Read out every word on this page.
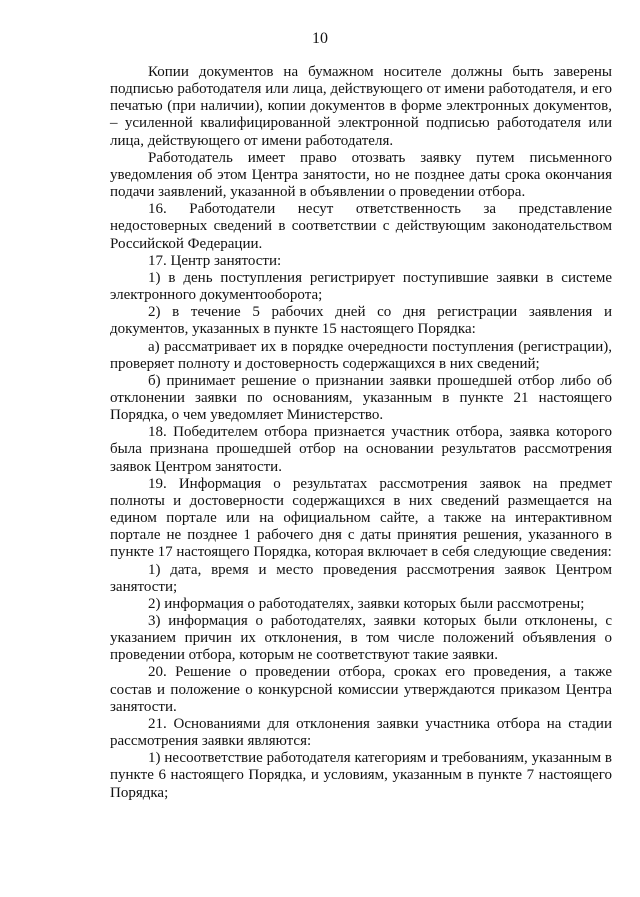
10

Копии документов на бумажном носителе должны быть заверены подписью работодателя или лица, действующего от имени работодателя, и его печатью (при наличии), копии документов в форме электронных документов, – усиленной квалифицированной электронной подписью работодателя или лица, действующего от имени работодателя.

Работодатель имеет право отозвать заявку путем письменного уведомления об этом Центра занятости, но не позднее даты срока окончания подачи заявлений, указанной в объявлении о проведении отбора.

16. Работодатели несут ответственность за представление недостоверных сведений в соответствии с действующим законодательством Российской Федерации.

17. Центр занятости:

1) в день поступления регистрирует поступившие заявки в системе электронного документооборота;

2) в течение 5 рабочих дней со дня регистрации заявления и документов, указанных в пункте 15 настоящего Порядка:

а) рассматривает их в порядке очередности поступления (регистрации), проверяет полноту и достоверность содержащихся в них сведений;

б) принимает решение о признании заявки прошедшей отбор либо об отклонении заявки по основаниям, указанным в пункте 21 настоящего Порядка, о чем уведомляет Министерство.

18. Победителем отбора признается участник отбора, заявка которого была признана прошедшей отбор на основании результатов рассмотрения заявок Центром занятости.

19. Информация о результатах рассмотрения заявок на предмет полноты и достоверности содержащихся в них сведений размещается на едином портале или на официальном сайте, а также на интерактивном портале не позднее 1 рабочего дня с даты принятия решения, указанного в пункте 17 настоящего Порядка, которая включает в себя следующие сведения:

1) дата, время и место проведения рассмотрения заявок Центром занятости;

2) информация о работодателях, заявки которых были рассмотрены;

3) информация о работодателях, заявки которых были отклонены, с указанием причин их отклонения, в том числе положений объявления о проведении отбора, которым не соответствуют такие заявки.

20. Решение о проведении отбора, сроках его проведения, а также состав и положение о конкурсной комиссии утверждаются приказом Центра занятости.

21. Основаниями для отклонения заявки участника отбора на стадии рассмотрения заявки являются:

1) несоответствие работодателя категориям и требованиям, указанным в пункте 6 настоящего Порядка, и условиям, указанным в пункте 7 настоящего Порядка;
